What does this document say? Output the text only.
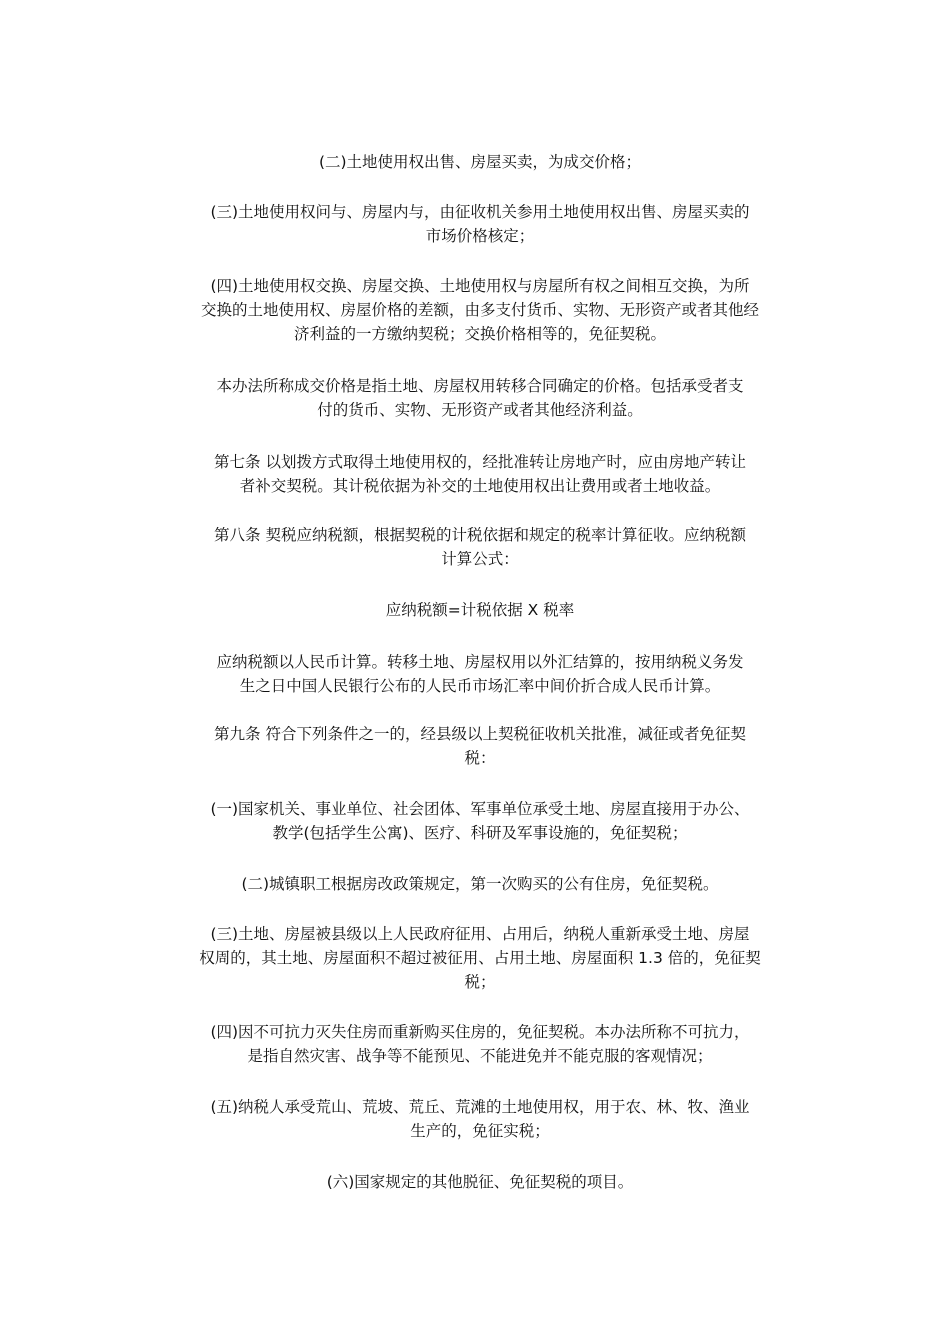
(二)土地使用权出售、房屋买卖，为成交价格；
(三)土地使用权问与、房屋内与，由征收机关参用土地使用权出售、房屋买卖的
市场价格核定；
(四)土地使用权交换、房屋交换、土地使用权与房屋所有权之间相互交换，为所
交换的土地使用权、房屋价格的差额，由多支付货币、实物、无形资产或者其他经
济利益的一方缴纳契税；交换价格相等的，免征契税。
本办法所称成交价格是指土地、房屋权用转移合同确定的价格。包括承受者支
付的货币、实物、无形资产或者其他经济利益。
第七条 以划拨方式取得土地使用权的，经批准转让房地产时，应由房地产转让
者补交契税。其计税依据为补交的土地使用权出让费用或者土地收益。
第八条 契税应纳税额，根据契税的计税依据和规定的税率计算征收。应纳税额
计算公式：
应纳税额=计税依据 X 税率
应纳税额以人民币计算。转移土地、房屋权用以外汇结算的，按用纳税义务发
生之日中国人民银行公布的人民币市场汇率中间价折合成人民币计算。
第九条 符合下列条件之一的，经县级以上契税征收机关批准，减征或者免征契
税：
(一)国家机关、事业单位、社会团体、军事单位承受土地、房屋直接用于办公、
教学(包括学生公寓)、医疗、科研及军事设施的，免征契税；
(二)城镇职工根据房改政策规定，第一次购买的公有住房，免征契税。
(三)土地、房屋被县级以上人民政府征用、占用后，纳税人重新承受土地、房屋
权周的，其土地、房屋面积不超过被征用、占用土地、房屋面积 1.3 倍的，免征契
税；
(四)因不可抗力灭失住房而重新购买住房的，免征契税。本办法所称不可抗力，
是指自然灾害、战争等不能预见、不能进免并不能克服的客观情况；
(五)纳税人承受荒山、荒坡、荒丘、荒滩的土地使用权，用于农、林、牧、渔业
生产的，免征实税；
(六)国家规定的其他脱征、免征契税的项目。
